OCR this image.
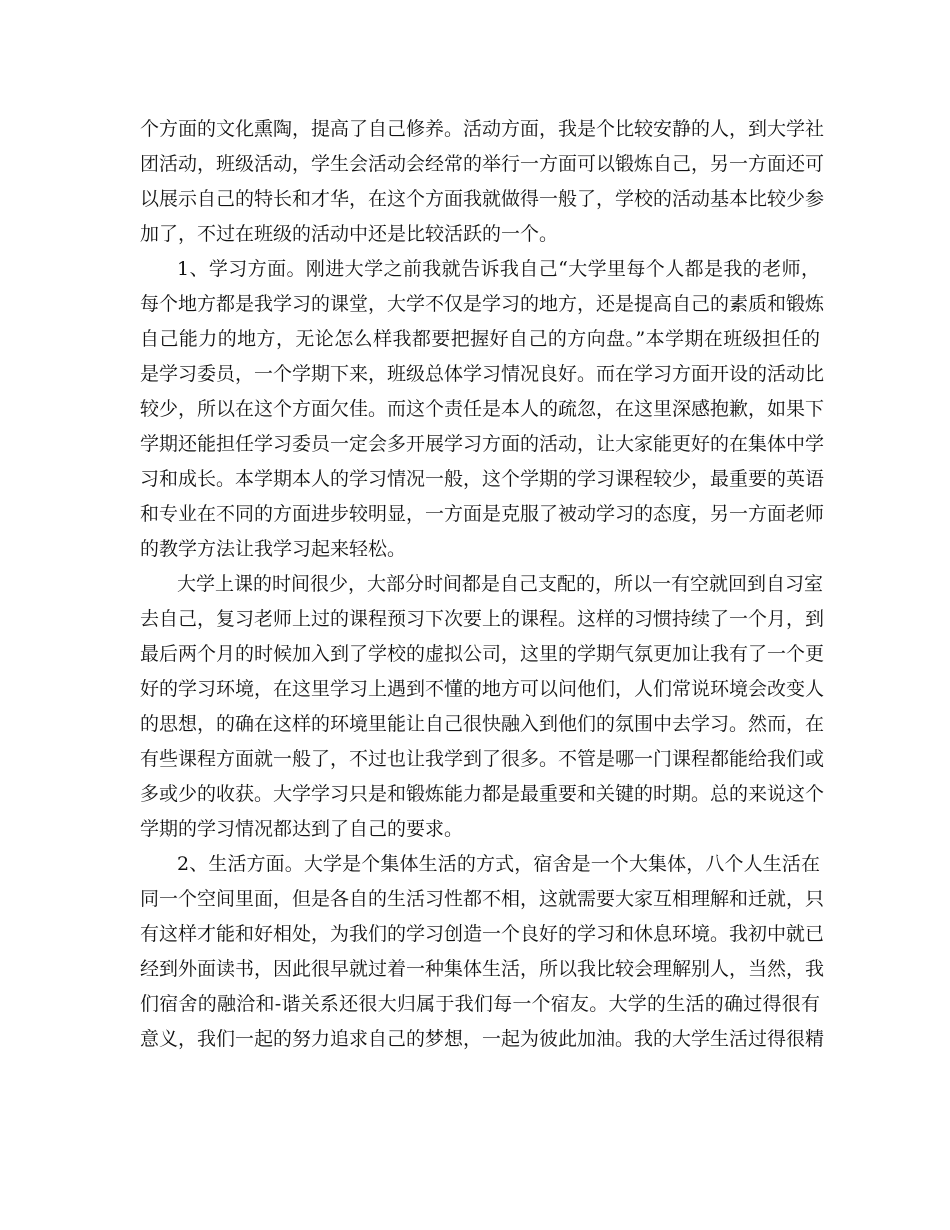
个方面的文化熏陶，提高了自己修养。活动方面，我是个比较安静的人，到大学社
团活动，班级活动，学生会活动会经常的举行一方面可以锻炼自己，另一方面还可
以展示自己的特长和才华，在这个方面我就做得一般了，学校的活动基本比较少参
加了，不过在班级的活动中还是比较活跃的一个。
1、学习方面。刚进大学之前我就告诉我自己“大学里每个人都是我的老师，
每个地方都是我学习的课堂，大学不仅是学习的地方，还是提高自己的素质和锻炼
自己能力的地方，无论怎么样我都要把握好自己的方向盘。”本学期在班级担任的
是学习委员，一个学期下来，班级总体学习情况良好。而在学习方面开设的活动比
较少，所以在这个方面欠佳。而这个责任是本人的疏忽，在这里深感抱歉，如果下
学期还能担任学习委员一定会多开展学习方面的活动，让大家能更好的在集体中学
习和成长。本学期本人的学习情况一般，这个学期的学习课程较少，最重要的英语
和专业在不同的方面进步较明显，一方面是克服了被动学习的态度，另一方面老师
的教学方法让我学习起来轻松。
大学上课的时间很少，大部分时间都是自己支配的，所以一有空就回到自习室
去自己，复习老师上过的课程预习下次要上的课程。这样的习惯持续了一个月，到
最后两个月的时候加入到了学校的虚拟公司，这里的学期气氛更加让我有了一个更
好的学习环境，在这里学习上遇到不懂的地方可以问他们，人们常说环境会改变人
的思想，的确在这样的环境里能让自己很快融入到他们的氛围中去学习。然而，在
有些课程方面就一般了，不过也让我学到了很多。不管是哪一门课程都能给我们或
多或少的收获。大学学习只是和锻炼能力都是最重要和关键的时期。总的来说这个
学期的学习情况都达到了自己的要求。
2、生活方面。大学是个集体生活的方式，宿舍是一个大集体，八个人生活在
同一个空间里面，但是各自的生活习性都不相，这就需要大家互相理解和迁就，只
有这样才能和好相处，为我们的学习创造一个良好的学习和休息环境。我初中就已
经到外面读书，因此很早就过着一种集体生活，所以我比较会理解别人，当然，我
们宿舍的融洽和-谐关系还很大归属于我们每一个宿友。大学的生活的确过得很有
意义，我们一起的努力追求自己的梦想，一起为彼此加油。我的大学生活过得很精
